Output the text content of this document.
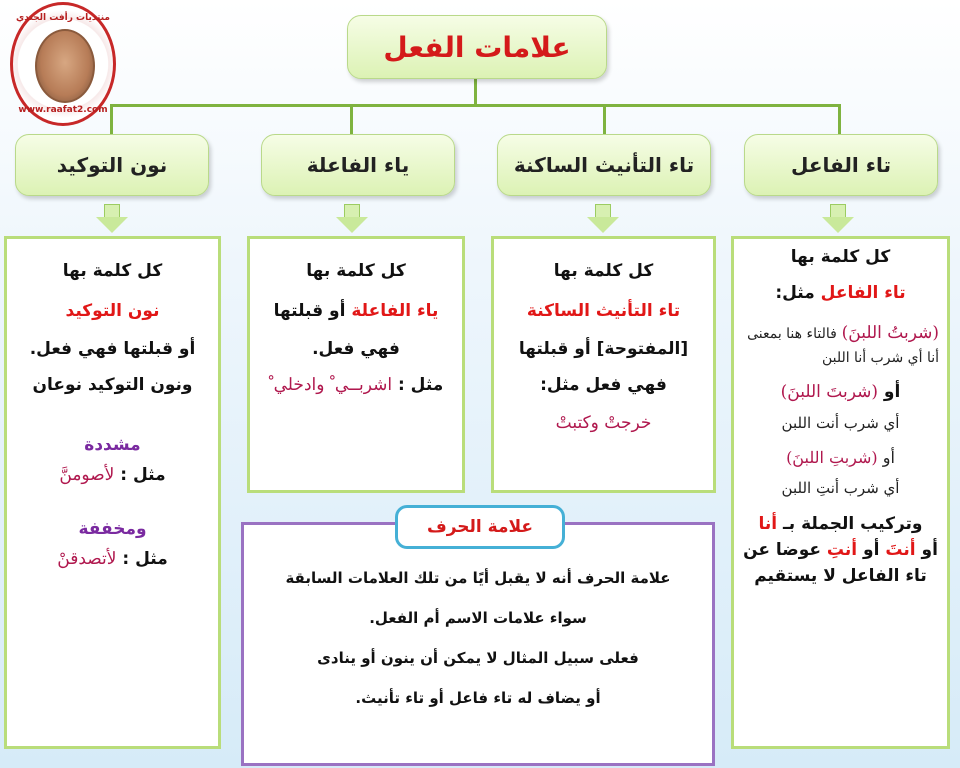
منتديات رأفت الجندي
www.raafat2.com
علامات الفعل
تاء الفاعل
تاء التأنيث الساكنة
ياء الفاعلة
نون التوكيد

كل كلمة بها

تاء الفاعل مثل:

(شربتُ اللبنَ) فالتاء هنا بمعنى أنا أي شرب أنا اللبن

أو (شربتَ اللبنَ)

أي شرب أنت اللبن

أو (شربتِ اللبنَ)

أي شرب أنتِ اللبن

وتركيب الجملة بـ أنا
أو أنتَ أو أنتِ عوضا عن
تاء الفاعل لا يستقيم

كل كلمة بها

تاء التأنيث الساكنة

[المفتوحة] أو قبلتها

فهي فعل مثل:

خرجتْ وكتبتْ

كل كلمة بها

ياء الفاعلة أو قبلتها

فهي فعل.

مثل : اشربــي ْ وادخلي ْ

كل كلمة بها

نون التوكيد

أو قبلتها فهي فعل.

ونون التوكيد نوعان

مشددة

مثل : لأصومنَّ

ومخففة

مثل : لأتصدقنْ

علامة الحرف أنه لا يقبل أيًا من تلك العلامات السابقة

سواء علامات الاسم أم الفعل.

فعلى سبيل المثال لا يمكن أن ينون أو ينادى

أو يضاف له تاء فاعل أو تاء تأنيث.

علامة الحرف
